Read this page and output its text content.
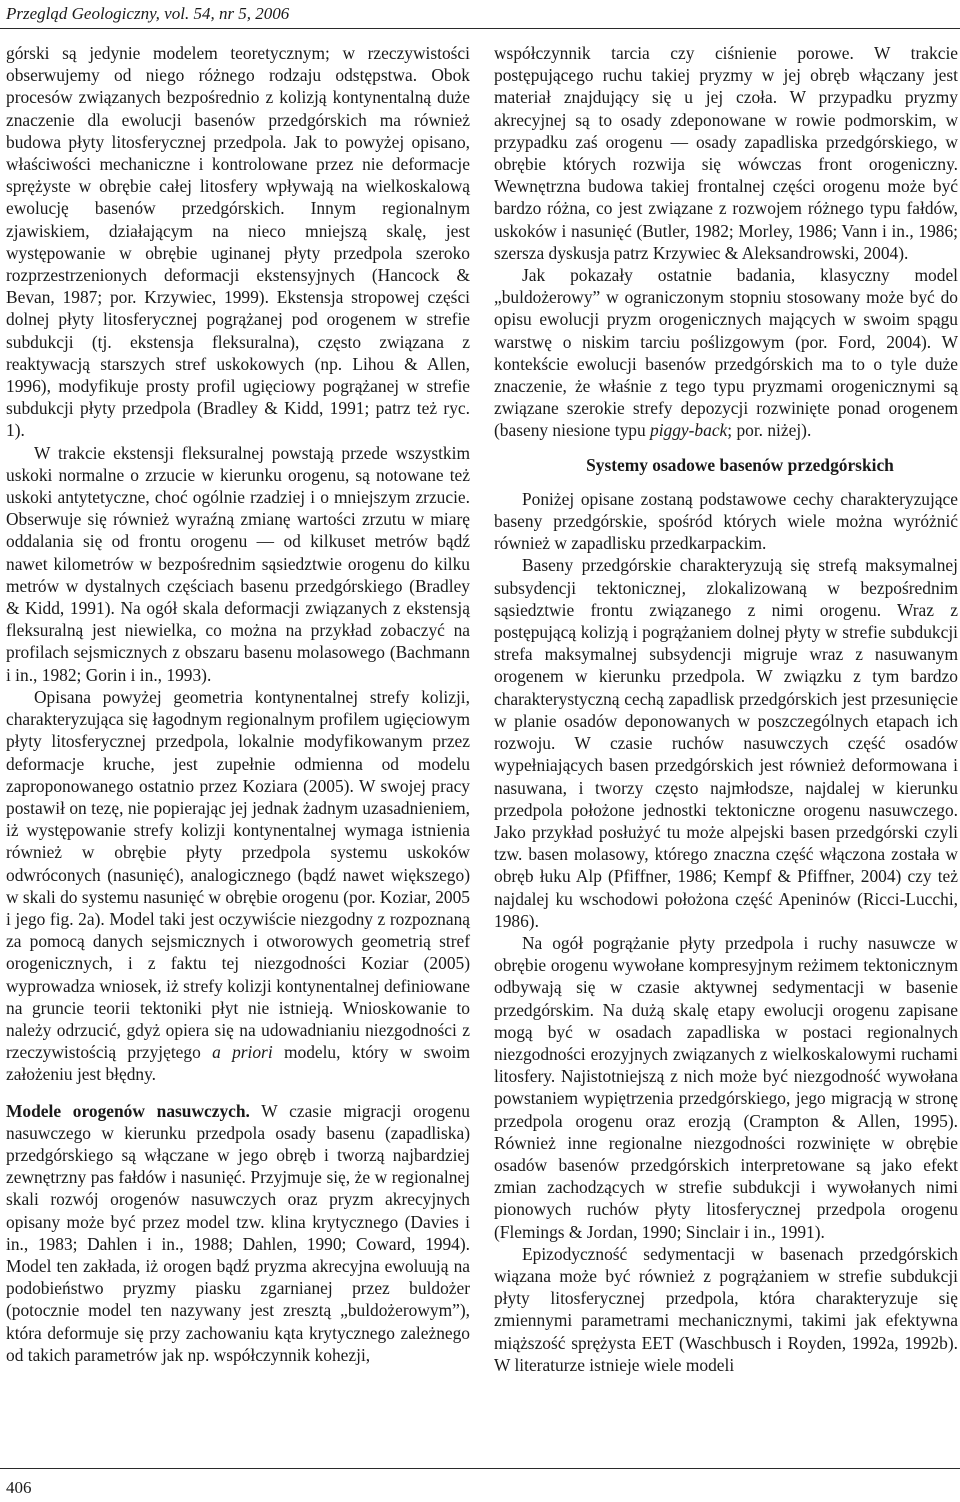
Przegląd Geologiczny, vol. 54, nr 5, 2006

górski są jedynie modelem teoretycznym; w rzeczywistości obserwujemy od niego różnego rodzaju odstępstwa. Obok procesów związanych bezpośrednio z kolizją kontynentalną duże znaczenie dla ewolucji basenów przedgórskich ma również budowa płyty litosferycznej przedpola. Jak to powyżej opisano, właściwości mechaniczne i kontrolowane przez nie deformacje sprężyste w obrębie całej litosfery wpływają na wielkoskalową ewolucję basenów przedgórskich. Innym regionalnym zjawiskiem, działającym na nieco mniejszą skalę, jest występowanie w obrębie uginanej płyty przedpola szeroko rozprzestrzenionych deformacji ekstensyjnych (Hancock & Bevan, 1987; por. Krzywiec, 1999). Ekstensja stropowej części dolnej płyty litosferycznej pogrążanej pod orogenem w strefie subdukcji (tj. ekstensja fleksuralna), często związana z reaktywacją starszych stref uskokowych (np. Lihou & Allen, 1996), modyfikuje prosty profil ugięciowy pogrążanej w strefie subdukcji płyty przedpola (Bradley & Kidd, 1991; patrz też ryc. 1).

W trakcie ekstensji fleksuralnej powstają przede wszystkim uskoki normalne o zrzucie w kierunku orogenu, są notowane też uskoki antytetyczne, choć ogólnie rzadziej i o mniejszym zrzucie. Obserwuje się również wyraźną zmianę wartości zrzutu w miarę oddalania się od frontu orogenu — od kilkuset metrów bądź nawet kilometrów w bezpośrednim sąsiedztwie orogenu do kilku metrów w dystalnych częściach basenu przedgórskiego (Bradley & Kidd, 1991). Na ogół skala deformacji związanych z ekstensją fleksuralną jest niewielka, co można na przykład zobaczyć na profilach sejsmicznych z obszaru basenu molasowego (Bachmann i in., 1982; Gorin i in., 1993).

Opisana powyżej geometria kontynentalnej strefy kolizji, charakteryzująca się łagodnym regionalnym profilem ugięciowym płyty litosferycznej przedpola, lokalnie modyfikowanym przez deformacje kruche, jest zupełnie odmienna od modelu zaproponowanego ostatnio przez Koziara (2005). W swojej pracy postawił on tezę, nie popierając jej jednak żadnym uzasadnieniem, iż występowanie strefy kolizji kontynentalnej wymaga istnienia również w obrębie płyty przedpola systemu uskoków odwróconych (nasunięć), analogicznego (bądź nawet większego) w skali do systemu nasunięć w obrębie orogenu (por. Koziar, 2005 i jego fig. 2a). Model taki jest oczywiście niezgodny z rozpoznaną za pomocą danych sejsmicznych i otworowych geometrią stref orogenicznych, i z faktu tej niezgodności Koziar (2005) wyprowadza wniosek, iż strefy kolizji kontynentalnej definiowane na gruncie teorii tektoniki płyt nie istnieją. Wnioskowanie to należy odrzucić, gdyż opiera się na udowadnianiu niezgodności z rzeczywistością przyjętego a priori modelu, który w swoim założeniu jest błędny.

Modele orogenów nasuwczych. W czasie migracji orogenu nasuwczego w kierunku przedpola osady basenu (zapadliska) przedgórskiego są włączane w jego obręb i tworzą najbardziej zewnętrzny pas fałdów i nasunięć. Przyjmuje się, że w regionalnej skali rozwój orogenów nasuwczych oraz pryzm akrecyjnych opisany może być przez model tzw. klina krytycznego (Davies i in., 1983; Dahlen i in., 1988; Dahlen, 1990; Coward, 1994). Model ten zakłada, iż orogen bądź pryzma akrecyjna ewoluują na podobieństwo pryzmy piasku zgarnianej przez buldożer (potocznie model ten nazywany jest zresztą „buldożerowym”), która deformuje się przy zachowaniu kąta krytycznego zależnego od takich parametrów jak np. współczynnik kohezji,

współczynnik tarcia czy ciśnienie porowe. W trakcie postępującego ruchu takiej pryzmy w jej obręb włączany jest materiał znajdujący się u jej czoła. W przypadku pryzmy akrecyjnej są to osady zdeponowane w rowie podmorskim, w przypadku zaś orogenu — osady zapadliska przedgórskiego, w obrębie których rozwija się wówczas front orogeniczny. Wewnętrzna budowa takiej frontalnej części orogenu może być bardzo różna, co jest związane z rozwojem różnego typu fałdów, uskoków i nasunięć (Butler, 1982; Morley, 1986; Vann i in., 1986; szersza dyskusja patrz Krzywiec & Aleksandrowski, 2004).

Jak pokazały ostatnie badania, klasyczny model „buldożerowy” w ograniczonym stopniu stosowany może być do opisu ewolucji pryzm orogenicznych mających w swoim spągu warstwę o niskim tarciu poślizgowym (por. Ford, 2004). W kontekście ewolucji basenów przedgórskich ma to o tyle duże znaczenie, że właśnie z tego typu pryzmami orogenicznymi są związane szerokie strefy depozycji rozwinięte ponad orogenem (baseny niesione typu piggy-back; por. niżej).

Systemy osadowe basenów przedgórskich

Poniżej opisane zostaną podstawowe cechy charakteryzujące baseny przedgórskie, spośród których wiele można wyróżnić również w zapadlisku przedkarpackim.

Baseny przedgórskie charakteryzują się strefą maksymalnej subsydencji tektonicznej, zlokalizowaną w bezpośrednim sąsiedztwie frontu związanego z nimi orogenu. Wraz z postępującą kolizją i pogrążaniem dolnej płyty w strefie subdukcji strefa maksymalnej subsydencji migruje wraz z nasuwanym orogenem w kierunku przedpola. W związku z tym bardzo charakterystyczną cechą zapadlisk przedgórskich jest przesunięcie w planie osadów deponowanych w poszczególnych etapach ich rozwoju. W czasie ruchów nasuwczych część osadów wypełniających basen przedgórskich jest również deformowana i nasuwana, i tworzy często najmłodsze, najdalej w kierunku przedpola położone jednostki tektoniczne orogenu nasuwczego. Jako przykład posłużyć tu może alpejski basen przedgórski czyli tzw. basen molasowy, którego znaczna część włączona została w obręb łuku Alp (Pfiffner, 1986; Kempf & Pfiffner, 2004) czy też najdalej ku wschodowi położona część Apeninów (Ricci-Lucchi, 1986).

Na ogół pogrążanie płyty przedpola i ruchy nasuwcze w obrębie orogenu wywołane kompresyjnym reżimem tektonicznym odbywają się w czasie aktywnej sedymentacji w basenie przedgórskim. Na dużą skalę etapy ewolucji orogenu zapisane mogą być w osadach zapadliska w postaci regionalnych niezgodności erozyjnych związanych z wielkoskalowymi ruchami litosfery. Najistotniejszą z nich może być niezgodność wywołana powstaniem wypiętrzenia przedgórskiego, jego migracją w stronę przedpola orogenu oraz erozją (Crampton & Allen, 1995). Również inne regionalne niezgodności rozwinięte w obrębie osadów basenów przedgórskich interpretowane są jako efekt zmian zachodzących w strefie subdukcji i wywołanych nimi pionowych ruchów płyty litosferycznej przedpola orogenu (Flemings & Jordan, 1990; Sinclair i in., 1991).

Epizodyczność sedymentacji w basenach przedgórskich wiązana może być również z pogrążaniem w strefie subdukcji płyty litosferycznej przedpola, która charakteryzuje się zmiennymi parametrami mechanicznymi, takimi jak efektywna miąższość sprężysta EET (Waschbusch i Royden, 1992a, 1992b). W literaturze istnieje wiele modeli

406
